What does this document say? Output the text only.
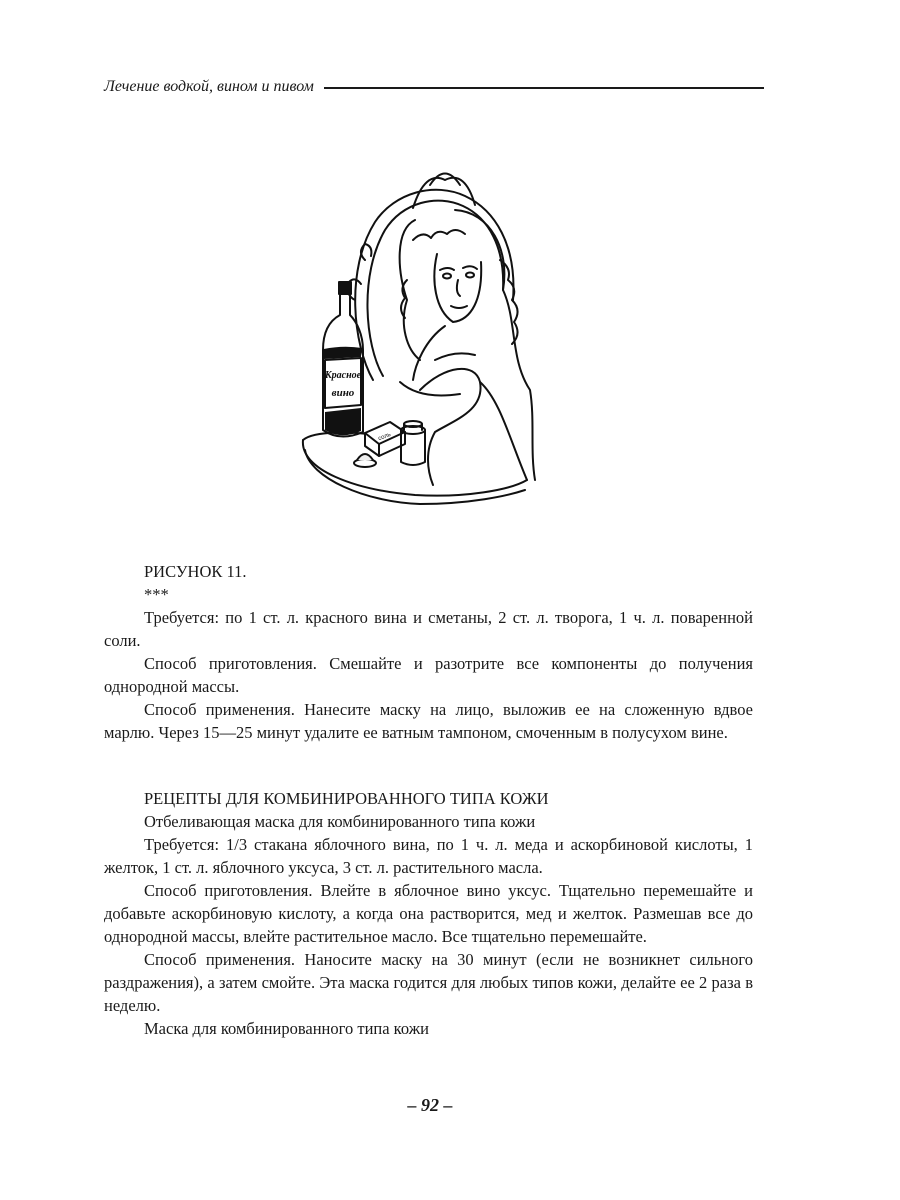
Лечение водкой, вином и пивом
Красное
вино
соль
РИСУНОК 11.
***

Требуется: по 1 ст. л. красного вина и сметаны, 2 ст. л. творога, 1 ч. л. поваренной соли.

Способ приготовления. Смешайте и разотрите все компоненты до получения однородной массы.

Способ применения. Нанесите маску на лицо, выложив ее на сложенную вдвое марлю. Через 15—25 минут удалите ее ватным тампоном, смоченным в полусухом вине.

РЕЦЕПТЫ ДЛЯ КОМБИНИРОВАННОГО ТИПА КОЖИ

Отбеливающая маска для комбинированного типа кожи

Требуется: 1/3 стакана яблочного вина, по 1 ч. л. меда и аскорбиновой кислоты, 1 желток, 1 ст. л. яблочного уксуса, 3 ст. л. растительного масла.

Способ приготовления. Влейте в яблочное вино уксус. Тщательно перемешайте и добавьте аскорбиновую кислоту, а когда она растворится, мед и желток. Размешав все до однородной массы, влейте растительное масло. Все тщательно перемешайте.

Способ применения. Наносите маску на 30 минут (если не возникнет сильного раздражения), а затем смойте. Эта маска годится для любых типов кожи, делайте ее 2 раза в неделю.

Маска для комбинированного типа кожи

– 92 –
